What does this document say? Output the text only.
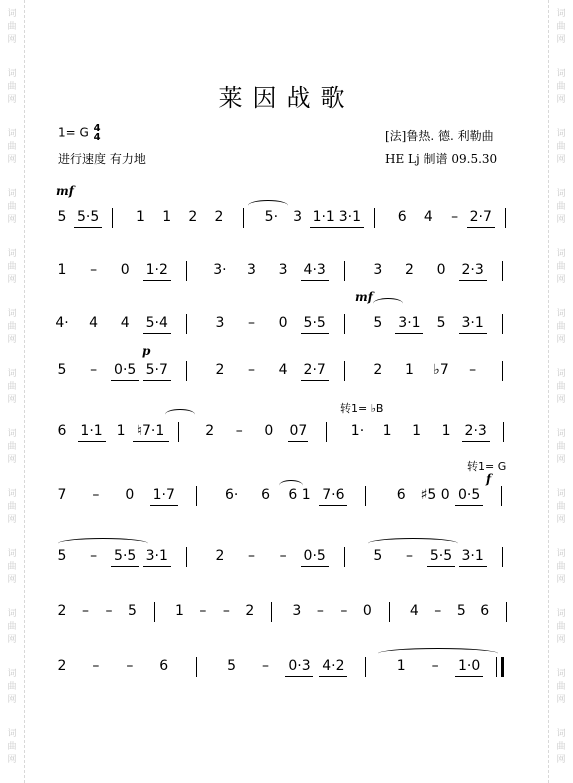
词
曲
网
词
曲
网
词
曲
网
词
曲
网
词
曲
网
词
曲
网
词
曲
网
词
曲
网
词
曲
网
词
曲
网
词
曲
网
词
曲
网
词
曲
网
词
曲
网
词
曲
网
词
曲
网
词
曲
网
词
曲
网
词
曲
网
词
曲
网
词
曲
网
词
曲
网
词
曲
网
词
曲
网
词
曲
网
词
曲
网
莱因战歌
1= G 4
4
进行速度 有力地
[法]鲁热. 德. 利勒曲
HE Lj 制谱 09.5.30
mf
mf
p
f
转1= ♭B
转1= G
5 5·5	1 1 2 2	5· 3 1·1 3·1	6 4 – 2·7
1 – 0 1·2	3· 3 3 4·3	3 2 0 2·3
4· 4 4 5·4	3 – 0 5·5	5 3·1 5 3·1
5 – 0·5 5·7	2 – 4 2·7	2 1 ♭7 –
6 1·1 1 ♮7·1	2 – 0 07	1· 1 1 1 2·3
7 – 0 1·7	6· 6 6 1 7·6	6 ♯5 0 0·5
5 – 5·5 3·1	2 – – 0·5	5 – 5·5 3·1
2 – – 5	1 – – 2	3 – – 0	4 – 5 6
2 – – 6	5 – 0·3 4·2	1 – 1·0
